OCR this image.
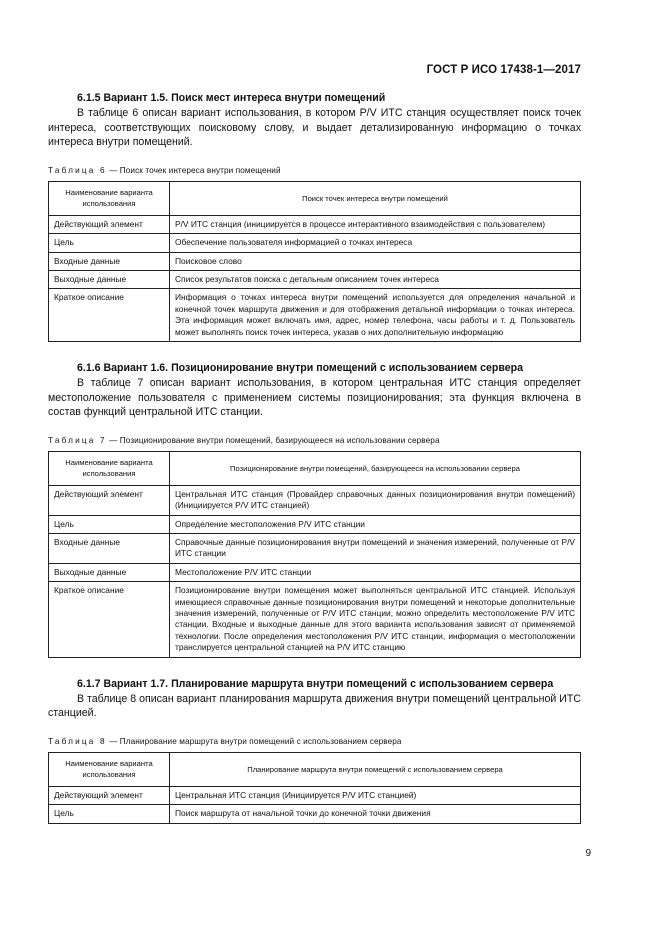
ГОСТ Р ИСО 17438-1—2017

6.1.5 Вариант 1.5. Поиск мест интереса внутри помещений

В таблице 6 описан вариант использования, в котором Р/V ИТС станция осуществляет поиск точек интереса, соответствующих поисковому слову, и выдает детализированную информацию о точках интереса внутри помещений.

Таблица 6 — Поиск точек интереса внутри помещений
Наименование варианта использования	Поиск точек интереса внутри помещений
Действующий элемент	Р/V ИТС станция (инициируется в процессе интерактивного взаимодействия с пользователем)
Цель	Обеспечение пользователя информацией о точках интереса
Входные данные	Поисковое слово
Выходные данные	Список результатов поиска с детальным описанием точек интереса
Краткое описание	Информация о точках интереса внутри помещений используется для определения начальной и конечной точек маршрута движения и для отображения детальной информации о точках интереса. Эта информация может включать имя, адрес, номер телефона, часы работы и т. д. Пользователь может выполнять поиск точек интереса, указав о них дополнительную информацию

6.1.6 Вариант 1.6. Позиционирование внутри помещений с использованием сервера

В таблице 7 описан вариант использования, в котором центральная ИТС станция определяет местоположение пользователя с применением системы позиционирования; эта функция включена в состав функций центральной ИТС станции.

Таблица 7 — Позиционирование внутри помещений, базирующееся на использовании сервера
Наименование варианта использования	Позиционирование внутри помещений, базирующееся на использовании сервера
Действующий элемент	Центральная ИТС станция (Провайдер справочных данных позиционирования внутри помещений) (Инициируется Р/V ИТС станцией)
Цель	Определение местоположения Р/V ИТС станции
Входные данные	Справочные данные позиционирования внутри помещений и значения измерений, полученные от Р/V ИТС станции
Выходные данные	Местоположение Р/V ИТС станции
Краткое описание	Позиционирование внутри помещения может выполняться центральной ИТС станцией. Используя имеющиеся справочные данные позиционирования внутри помещений и некоторые дополнительные значения измерений, полученные от Р/V ИТС станции, можно определить местоположение Р/V ИТС станции. Входные и выходные данные для этого варианта использования зависят от применяемой технологии. После определения местоположения Р/V ИТС станции, информация о местоположении транслируется центральной станцией на Р/V ИТС станцию

6.1.7 Вариант 1.7. Планирование маршрута внутри помещений с использованием сервера

В таблице 8 описан вариант планирования маршрута движения внутри помещений центральной ИТС станцией.

Таблица 8 — Планирование маршрута внутри помещений с использованием сервера
Наименование варианта использования	Планирование маршрута внутри помещений с использованием сервера
Действующий элемент	Центральная ИТС станция (Инициируется Р/V ИТС станцией)
Цель	Поиск маршрута от начальной точки до конечной точки движения
9
